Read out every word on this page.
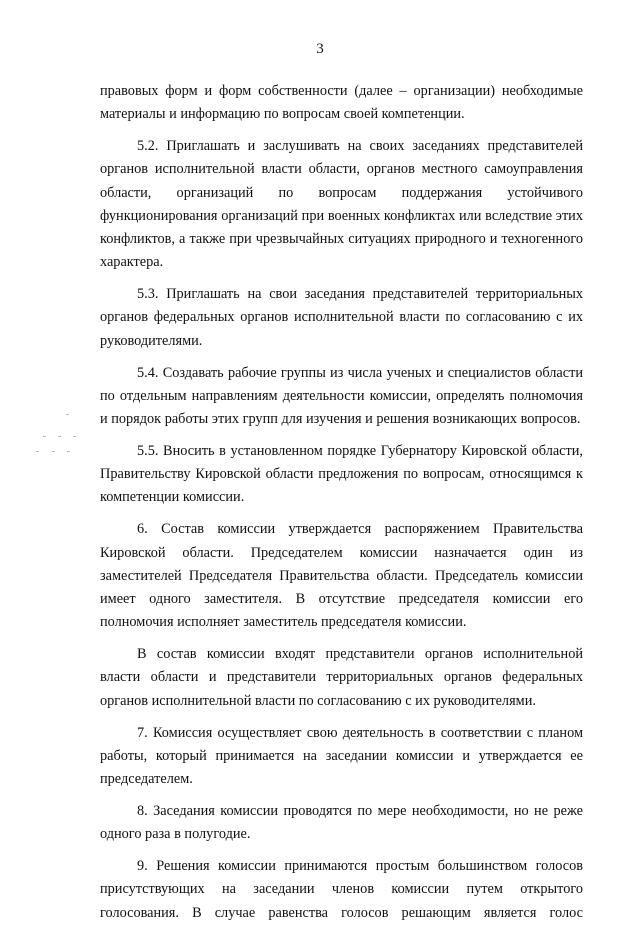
3

правовых форм и форм собственности (далее – организации) необходимые материалы и информацию по вопросам своей компетенции.

5.2. Приглашать и заслушивать на своих заседаниях представителей органов исполнительной власти области, органов местного самоуправления области, организаций по вопросам поддержания устойчивого функционирования организаций при военных конфликтах или вследствие этих конфликтов, а также при чрезвычайных ситуациях природного и техногенного характера.

5.3. Приглашать на свои заседания представителей территориальных органов федеральных органов исполнительной власти по согласованию с их руководителями.

5.4. Создавать рабочие группы из числа ученых и специалистов области по отдельным направлениям деятельности комиссии, определять полномочия и порядок работы этих групп для изучения и решения возникающих вопросов.

5.5. Вносить в установленном порядке Губернатору Кировской области, Правительству Кировской области предложения по вопросам, относящимся к компетенции комиссии.

6. Состав комиссии утверждается распоряжением Правительства Кировской области. Председателем комиссии назначается один из заместителей Председателя Правительства области. Председатель комиссии имеет одного заместителя. В отсутствие председателя комиссии его полномочия исполняет заместитель председателя комиссии.

В состав комиссии входят представители органов исполнительной власти области и представители территориальных органов федеральных органов исполнительной власти по согласованию с их руководителями.

7. Комиссия осуществляет свою деятельность в соответствии с планом работы, который принимается на заседании комиссии и утверждается ее председателем.

8. Заседания комиссии проводятся по мере необходимости, но не реже одного раза в полугодие.

9. Решения комиссии принимаются простым большинством голосов присутствующих на заседании членов комиссии путем открытого голосования. В случае равенства голосов решающим является голос
